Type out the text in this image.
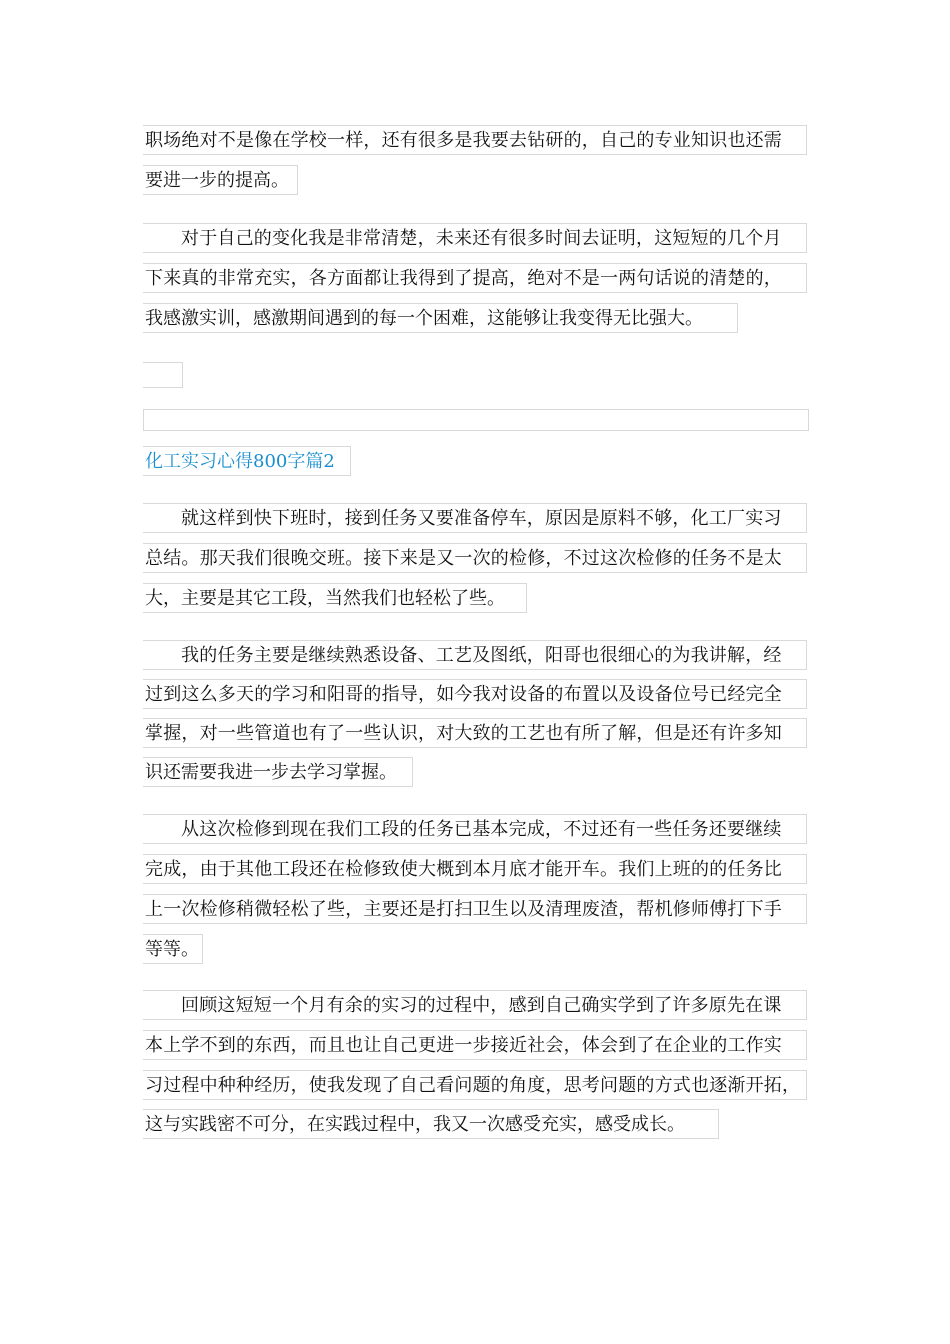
职场绝对不是像在学校一样，还有很多是我要去钻研的，自己的专业知识也还需
要进一步的提高。
对于自己的变化我是非常清楚，未来还有很多时间去证明，这短短的几个月
下来真的非常充实，各方面都让我得到了提高，绝对不是一两句话说的清楚的，
我感激实训，感激期间遇到的每一个困难，这能够让我变得无比强大。
化工实习心得800字篇2
就这样到快下班时，接到任务又要准备停车，原因是原料不够，化工厂实习
总结。那天我们很晚交班。接下来是又一次的检修，不过这次检修的任务不是太
大，主要是其它工段，当然我们也轻松了些。
我的任务主要是继续熟悉设备、工艺及图纸，阳哥也很细心的为我讲解，经
过到这么多天的学习和阳哥的指导，如今我对设备的布置以及设备位号已经完全
掌握，对一些管道也有了一些认识，对大致的工艺也有所了解，但是还有许多知
识还需要我进一步去学习掌握。
从这次检修到现在我们工段的任务已基本完成，不过还有一些任务还要继续
完成，由于其他工段还在检修致使大概到本月底才能开车。我们上班的的任务比
上一次检修稍微轻松了些，主要还是打扫卫生以及清理废渣，帮机修师傅打下手
等等。
回顾这短短一个月有余的实习的过程中，感到自己确实学到了许多原先在课
本上学不到的东西，而且也让自己更进一步接近社会，体会到了在企业的工作实
习过程中种种经历，使我发现了自己看问题的角度，思考问题的方式也逐渐开拓，
这与实践密不可分，在实践过程中，我又一次感受充实，感受成长。
